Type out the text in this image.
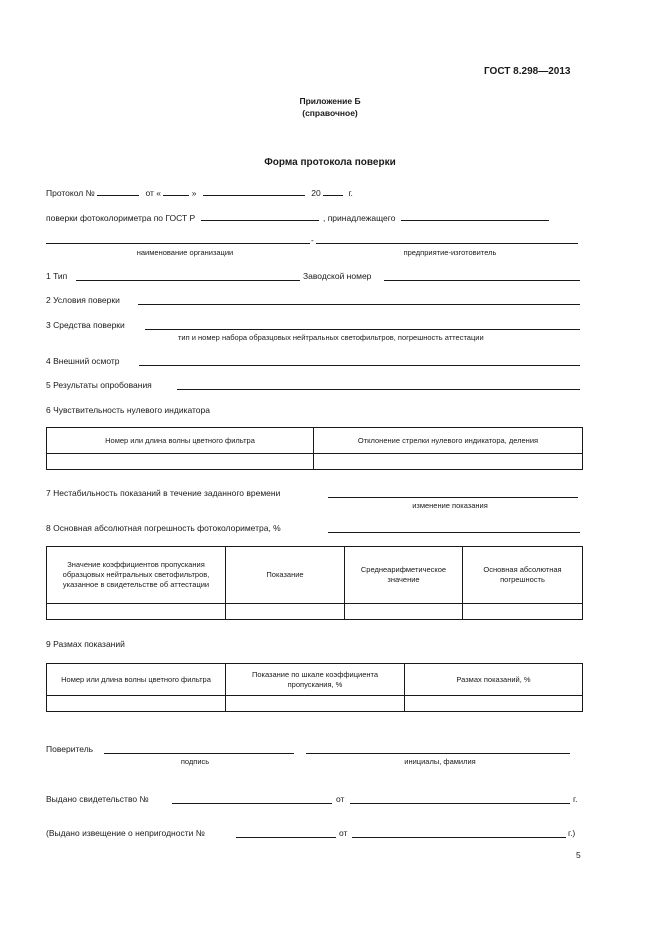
ГОСТ 8.298—2013
Приложение Б
(справочное)
Форма протокола поверки
Протокол №	от «	»	20	г.
поверки фотоколориметра по ГОСТ Р	, принадлежащего
-
наименование организации	предприятие-изготовитель
1 Тип	Заводской номер
2 Условия поверки
3 Средства поверки
тип и номер набора образцовых нейтральных светофильтров, погрешность аттестации
4 Внешний осмотр
5 Результаты опробования
6 Чувствительность нулевого индикатора
Номер или длина волны цветного фильтра	Отклонение стрелки нулевого индикатора, деления

7 Нестабильность показаний в течение заданного времени
изменение показания
8 Основная абсолютная погрешность фотоколориметра, %
Значение коэффициентов пропускания образцовых нейтральных светофильтров, указанное в свидетельстве об аттестации	Показание	Среднеарифметическое значение	Основная абсолютная погрешность

9 Размах показаний
Номер или длина волны цветного фильтра	Показание по шкале коэффициента пропускания, %	Размах показаний, %

Поверитель
подпись	инициалы, фамилия
Выдано свидетельство №	от	г.
(Выдано извещение о непригодности №	от	г.)
5
